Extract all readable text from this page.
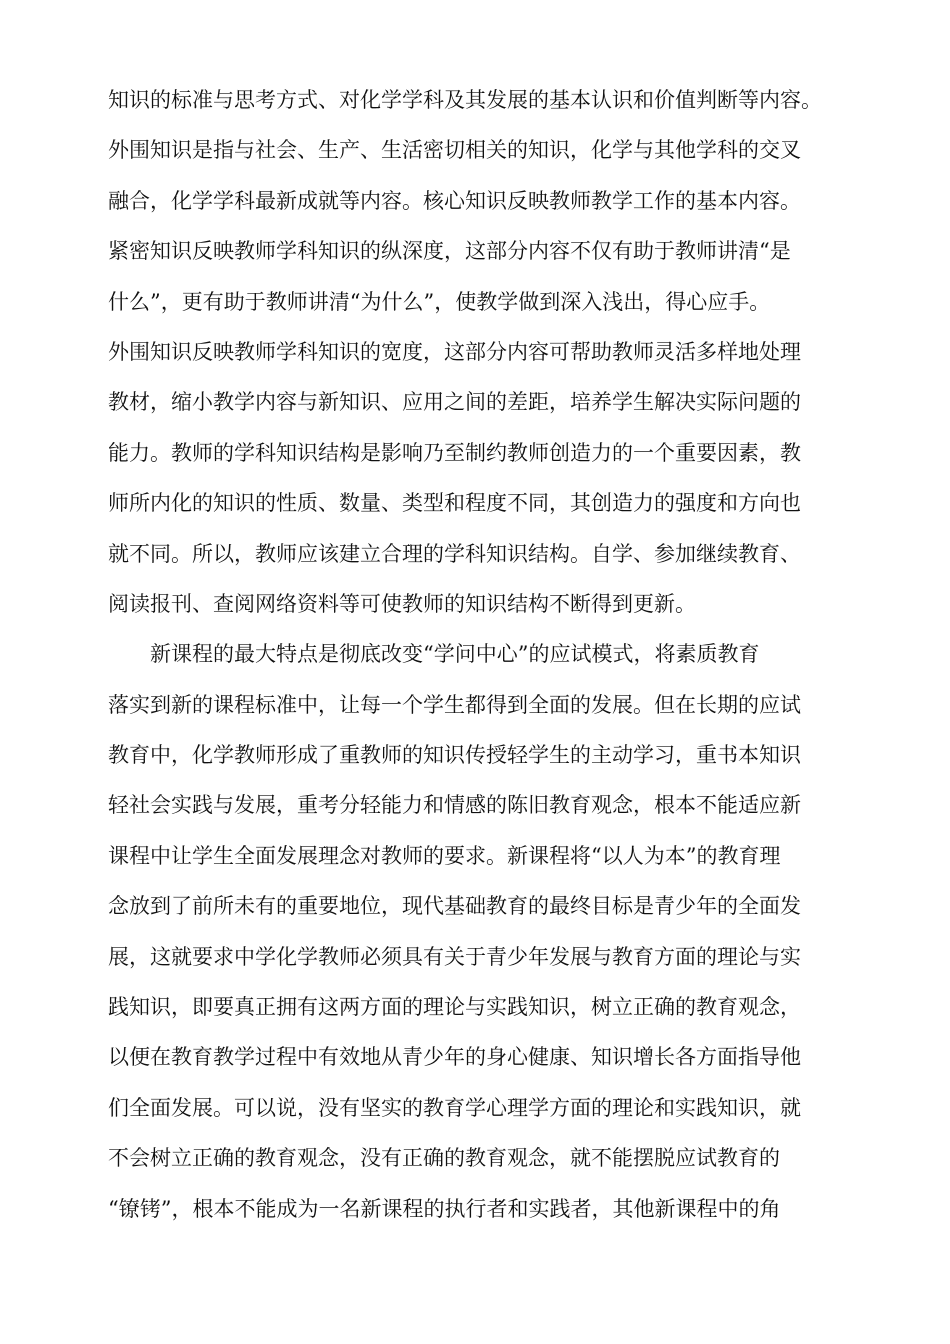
知识的标准与思考方式、对化学学科及其发展的基本认识和价值判断等内容。
外围知识是指与社会、生产、生活密切相关的知识，化学与其他学科的交叉
融合，化学学科最新成就等内容。核心知识反映教师教学工作的基本内容。
紧密知识反映教师学科知识的纵深度，这部分内容不仅有助于教师讲清“是
什么”，更有助于教师讲清“为什么”，使教学做到深入浅出，得心应手。
外围知识反映教师学科知识的宽度，这部分内容可帮助教师灵活多样地处理
教材，缩小教学内容与新知识、应用之间的差距，培养学生解决实际问题的
能力。教师的学科知识结构是影响乃至制约教师创造力的一个重要因素，教
师所内化的知识的性质、数量、类型和程度不同，其创造力的强度和方向也
就不同。所以，教师应该建立合理的学科知识结构。自学、参加继续教育、
阅读报刊、查阅网络资料等可使教师的知识结构不断得到更新。
新课程的最大特点是彻底改变“学问中心”的应试模式，将素质教育
落实到新的课程标准中，让每一个学生都得到全面的发展。但在长期的应试
教育中，化学教师形成了重教师的知识传授轻学生的主动学习，重书本知识
轻社会实践与发展，重考分轻能力和情感的陈旧教育观念，根本不能适应新
课程中让学生全面发展理念对教师的要求。新课程将“以人为本”的教育理
念放到了前所未有的重要地位，现代基础教育的最终目标是青少年的全面发
展，这就要求中学化学教师必须具有关于青少年发展与教育方面的理论与实
践知识，即要真正拥有这两方面的理论与实践知识，树立正确的教育观念，
以便在教育教学过程中有效地从青少年的身心健康、知识增长各方面指导他
们全面发展。可以说，没有坚实的教育学心理学方面的理论和实践知识，就
不会树立正确的教育观念，没有正确的教育观念，就不能摆脱应试教育的
“镣铐”，根本不能成为一名新课程的执行者和实践者，其他新课程中的角
